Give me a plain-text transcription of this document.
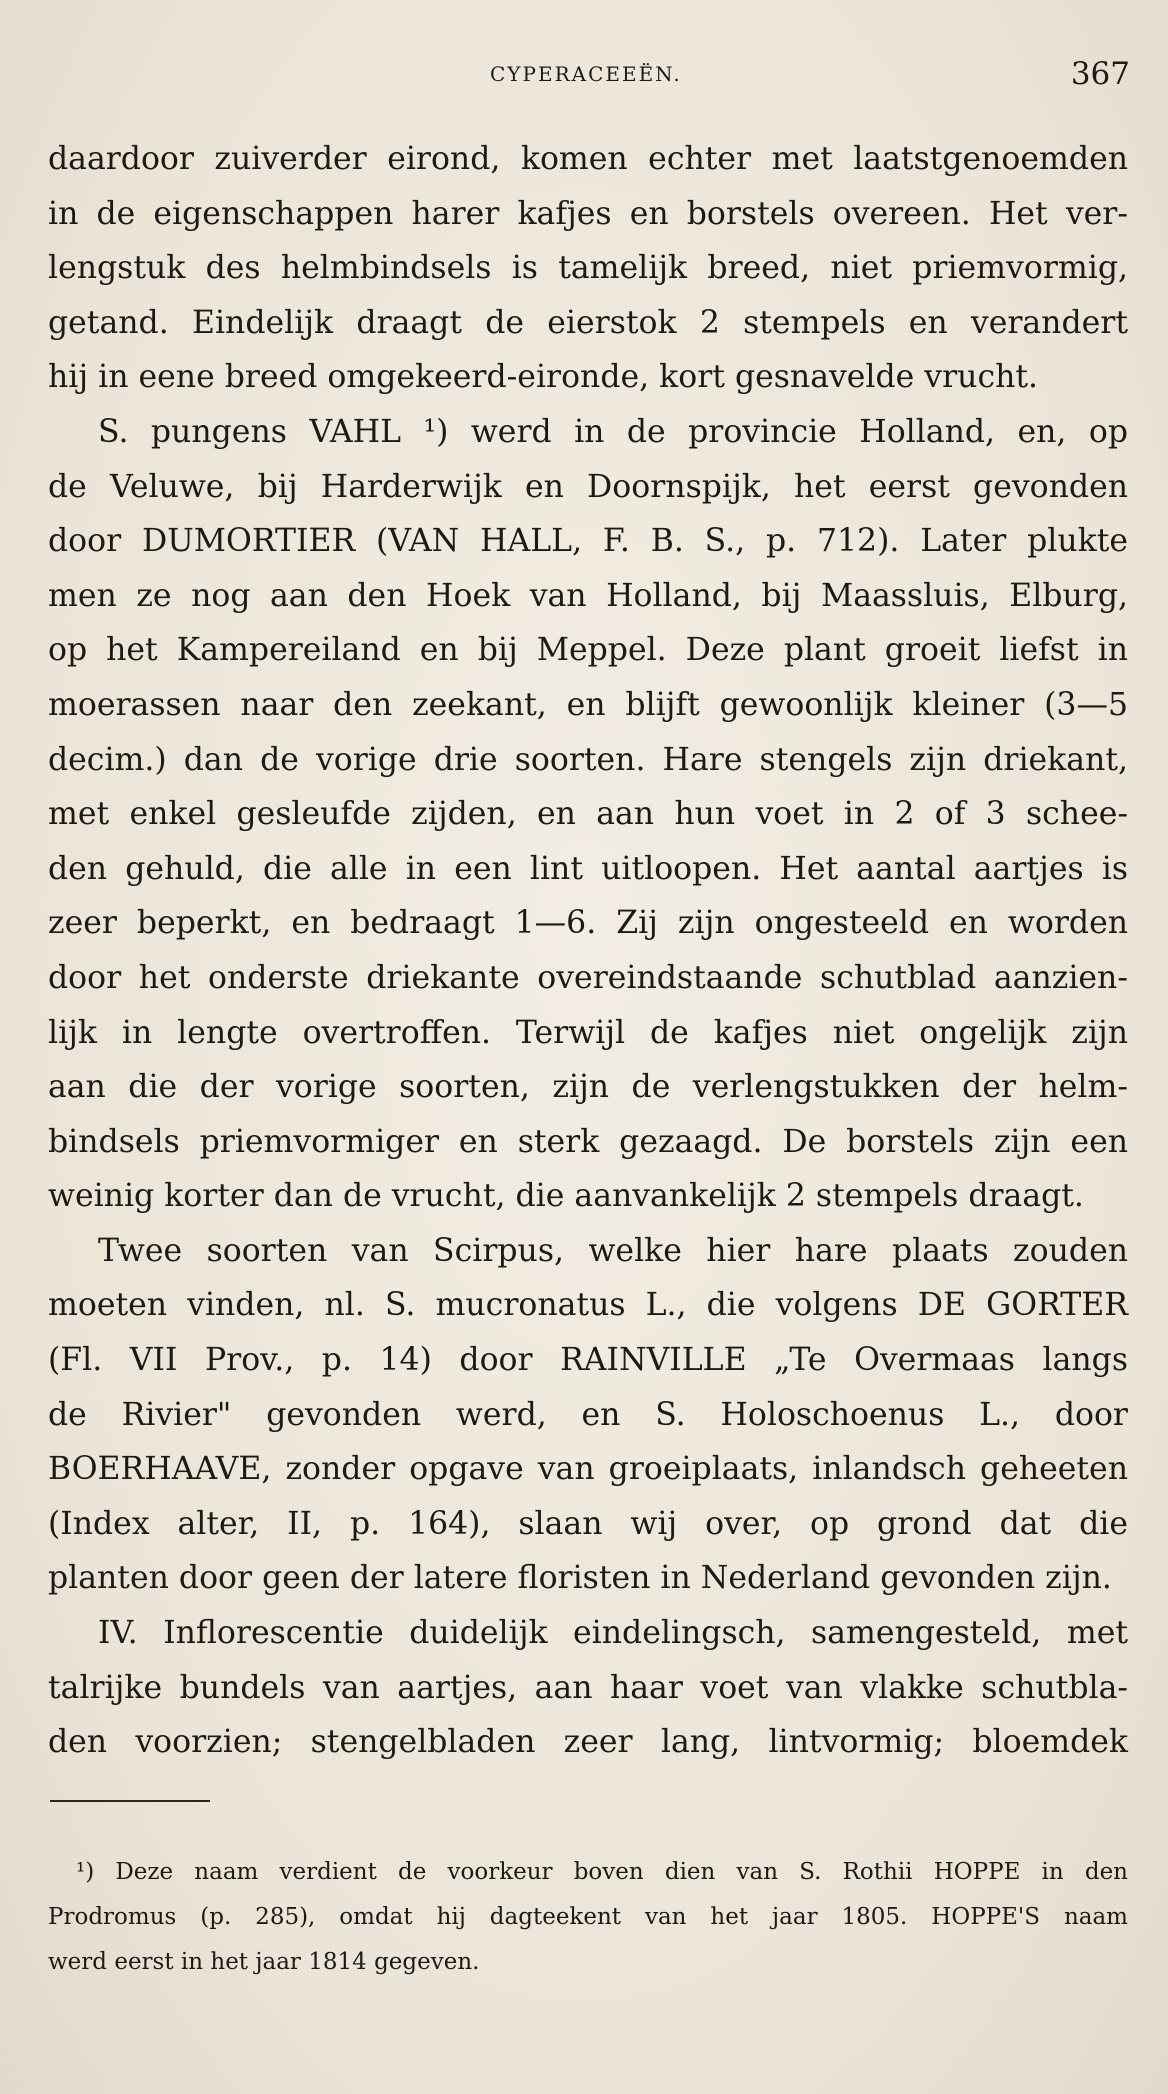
CYPERACEEËN.	367
daardoor zuiverder eirond, komen echter met laatstgenoemden
in de eigenschappen harer kafjes en borstels overeen. Het ver-
lengstuk des helmbindsels is tamelijk breed, niet priemvormig,
getand. Eindelijk draagt de eierstok 2 stempels en verandert
hij in eene breed omgekeerd-eironde, kort gesnavelde vrucht.
S. pungens VAHL ¹) werd in de provincie Holland, en, op
de Veluwe, bij Harderwijk en Doornspijk, het eerst gevonden
door DUMORTIER (VAN HALL, F. B. S., p. 712). Later plukte
men ze nog aan den Hoek van Holland, bij Maassluis, Elburg,
op het Kampereiland en bij Meppel. Deze plant groeit liefst in
moerassen naar den zeekant, en blijft gewoonlijk kleiner (3—5
decim.) dan de vorige drie soorten. Hare stengels zijn driekant,
met enkel gesleufde zijden, en aan hun voet in 2 of 3 schee-
den gehuld, die alle in een lint uitloopen. Het aantal aartjes is
zeer beperkt, en bedraagt 1—6. Zij zijn ongesteeld en worden
door het onderste driekante overeindstaande schutblad aanzien-
lijk in lengte overtroffen. Terwijl de kafjes niet ongelijk zijn
aan die der vorige soorten, zijn de verlengstukken der helm-
bindsels priemvormiger en sterk gezaagd. De borstels zijn een
weinig korter dan de vrucht, die aanvankelijk 2 stempels draagt.
Twee soorten van Scirpus, welke hier hare plaats zouden
moeten vinden, nl. S. mucronatus L., die volgens DE GORTER
(Fl. VII Prov., p. 14) door RAINVILLE „Te Overmaas langs
de Rivier" gevonden werd, en S. Holoschoenus L., door
BOERHAAVE, zonder opgave van groeiplaats, inlandsch geheeten
(Index alter, II, p. 164), slaan wij over, op grond dat die
planten door geen der latere floristen in Nederland gevonden zijn.
IV. Inflorescentie duidelijk eindelingsch, samengesteld, met
talrijke bundels van aartjes, aan haar voet van vlakke schutbla-
den voorzien; stengelbladen zeer lang, lintvormig; bloemdek
¹) Deze naam verdient de voorkeur boven dien van S. Rothii HOPPE in den
Prodromus (p. 285), omdat hij dagteekent van het jaar 1805. HOPPE'S naam
werd eerst in het jaar 1814 gegeven.
